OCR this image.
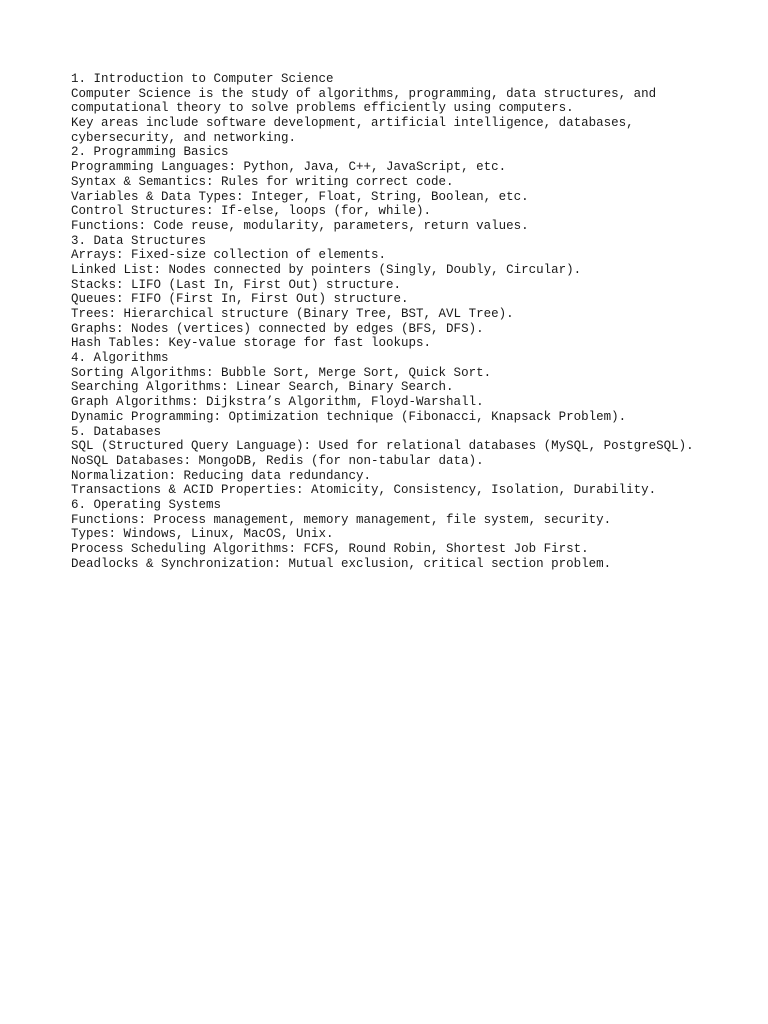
1. Introduction to Computer Science
Computer Science is the study of algorithms, programming, data structures, and
computational theory to solve problems efficiently using computers.
Key areas include software development, artificial intelligence, databases,
cybersecurity, and networking.
2. Programming Basics
Programming Languages: Python, Java, C++, JavaScript, etc.
Syntax & Semantics: Rules for writing correct code.
Variables & Data Types: Integer, Float, String, Boolean, etc.
Control Structures: If-else, loops (for, while).
Functions: Code reuse, modularity, parameters, return values.
3. Data Structures
Arrays: Fixed-size collection of elements.
Linked List: Nodes connected by pointers (Singly, Doubly, Circular).
Stacks: LIFO (Last In, First Out) structure.
Queues: FIFO (First In, First Out) structure.
Trees: Hierarchical structure (Binary Tree, BST, AVL Tree).
Graphs: Nodes (vertices) connected by edges (BFS, DFS).
Hash Tables: Key-value storage for fast lookups.
4. Algorithms
Sorting Algorithms: Bubble Sort, Merge Sort, Quick Sort.
Searching Algorithms: Linear Search, Binary Search.
Graph Algorithms: Dijkstra’s Algorithm, Floyd-Warshall.
Dynamic Programming: Optimization technique (Fibonacci, Knapsack Problem).
5. Databases
SQL (Structured Query Language): Used for relational databases (MySQL, PostgreSQL).
NoSQL Databases: MongoDB, Redis (for non-tabular data).
Normalization: Reducing data redundancy.
Transactions & ACID Properties: Atomicity, Consistency, Isolation, Durability.
6. Operating Systems
Functions: Process management, memory management, file system, security.
Types: Windows, Linux, MacOS, Unix.
Process Scheduling Algorithms: FCFS, Round Robin, Shortest Job First.
Deadlocks & Synchronization: Mutual exclusion, critical section problem.
